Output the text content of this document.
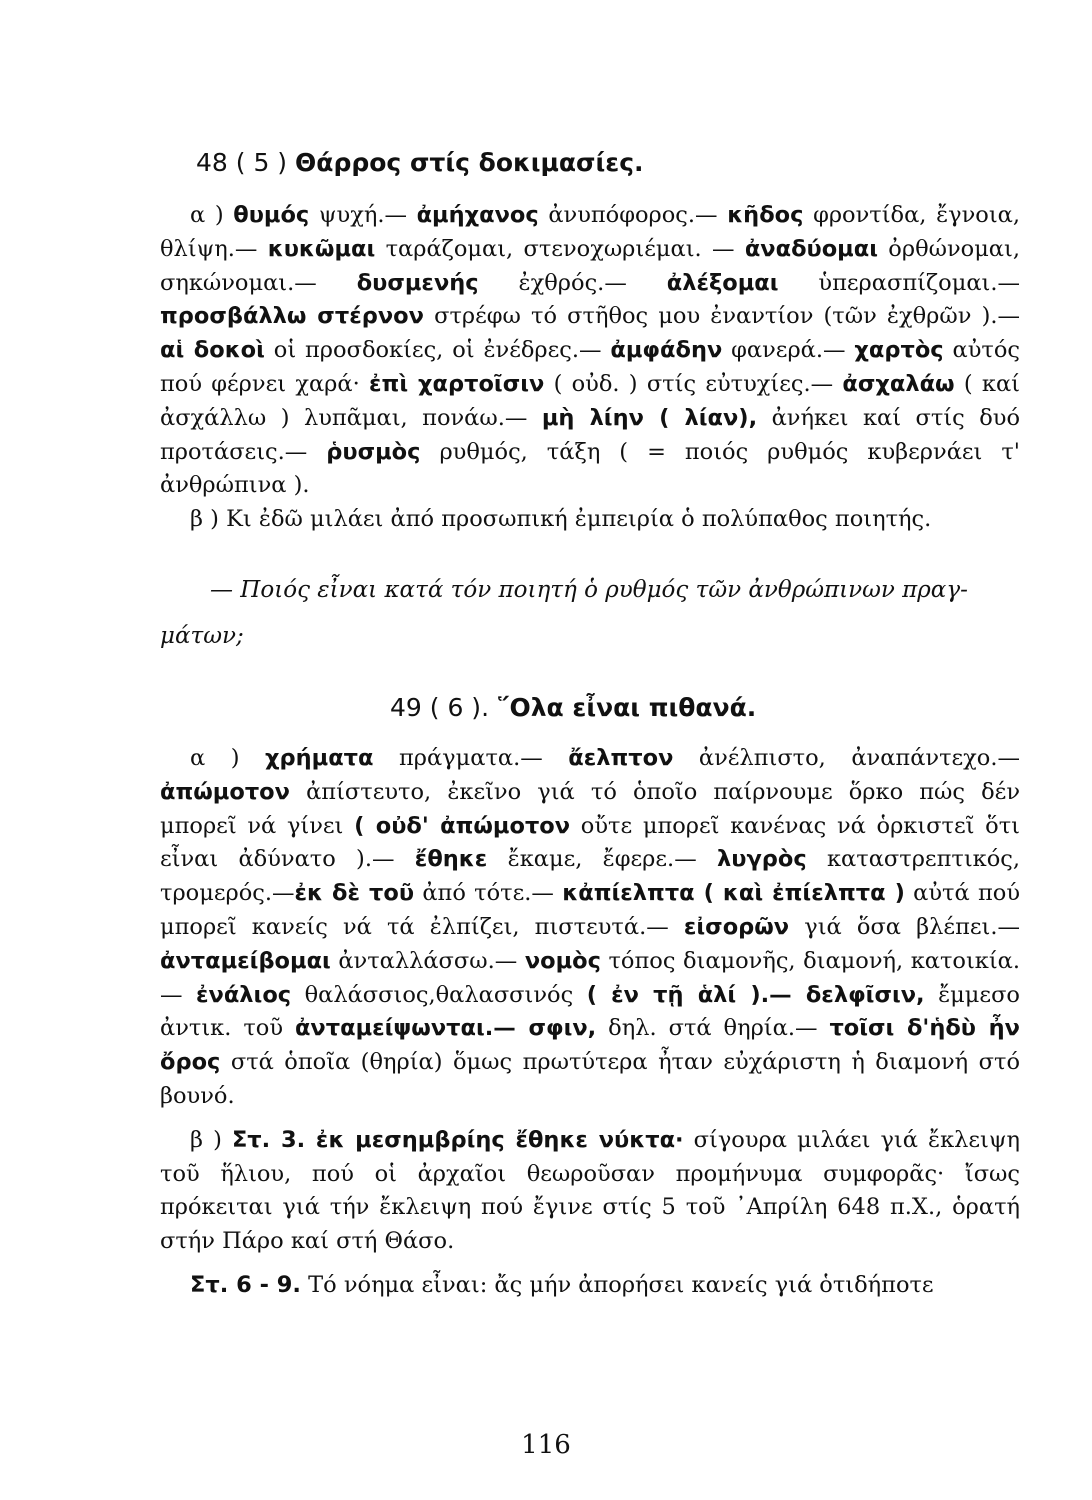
48 ( 5 ) Θάρρος στίς δοκιμασίες.

α ) θυμός ψυχή.— ἀμήχανος ἀνυπόφορος.— κῆδος φροντίδα, ἔγνοια, θλίψη.— κυκῶμαι ταράζομαι, στενοχωριέμαι. — ἀναδύομαι ὀρθώνομαι, σηκώνομαι.— δυσμενής ἐχθρός.— ἀλέξομαι ὑπερασπίζομαι.— προσβάλλω στέρνον στρέφω τό στῆθος μου ἐναντίον (τῶν ἐχθρῶν ).— αἱ δοκοὶ οἱ προσδοκίες, οἱ ἐνέδρες.— ἀμφάδην φανερά.— χαρτὸς αὐτός πού φέρνει χαρά· ἐπὶ χαρτοῖσιν ( οὐδ. ) στίς εὐτυχίες.— ἀσχαλάω ( καί ἀσχάλλω ) λυπᾶμαι, πονάω.— μὴ λίην ( λίαν), ἀνήκει καί στίς δυό προτάσεις.— ῥυσμὸς ρυθμός, τάξη ( = ποιός ρυθμός κυβερνάει τ' ἀνθρώπινα ).

β ) Κι ἐδῶ μιλάει ἀπό προσωπική ἐμπειρία ὁ πολύπαθος ποιητής.

— Ποιός εἶναι κατά τόν ποιητή ὁ ρυθμός τῶν ἀνθρώπινων πραγ-
μάτων;
49 ( 6 ). ῞Ολα εἶναι πιθανά.

α ) χρήματα πράγματα.— ἄελπτον ἀνέλπιστο, ἀναπάντεχο.— ἀπώμοτον ἀπίστευτο, ἐκεῖνο γιά τό ὁποῖο παίρνουμε ὅρκο πώς δέν μπορεῖ νά γίνει ( οὐδ' ἀπώμοτον οὔτε μπορεῖ κανένας νά ὁρκιστεῖ ὅτι εἶναι ἀδύνατο ).— ἔθηκε ἔκαμε, ἔφερε.— λυγρὸς καταστρεπτικός, τρομερός.—ἐκ δὲ τοῦ ἀπό τότε.— κἀπίελπτα ( καὶ ἐπίελπτα ) αὐτά πού μπορεῖ κανείς νά τά ἐλπίζει, πιστευτά.— εἰσορῶν γιά ὅσα βλέπει.— ἀνταμείβομαι ἀνταλλάσσω.— νομὸς τόπος διαμονῆς, διαμονή, κατοικία.— ἐνάλιος θαλάσσιος,θαλασσινός ( ἐν τῇ ἁλί ).— δελφῖσιν, ἔμμεσο ἀντικ. τοῦ ἀνταμείψωνται.— σφιν, δηλ. στά θηρία.— τοῖσι δ'ἡδὺ ἦν ὄρος στά ὁποῖα (θηρία) ὅμως πρωτύτερα ἦταν εὐχάριστη ἡ διαμονή στό βουνό.

β ) Στ. 3. ἐκ μεσημβρίης ἔθηκε νύκτα· σίγουρα μιλάει γιά ἔκλειψη τοῦ ἥλιου, πού οἱ ἀρχαῖοι θεωροῦσαν προμήνυμα συμφορᾶς· ἴσως πρόκειται γιά τήν ἔκλειψη πού ἔγινε στίς 5 τοῦ ᾿Απρίλη 648 π.Χ., ὁρατή στήν Πάρο καί στή Θάσο.

Στ. 6 - 9. Τό νόημα εἶναι: ἄς μήν ἀπορήσει κανείς γιά ὁτιδήποτε

116
